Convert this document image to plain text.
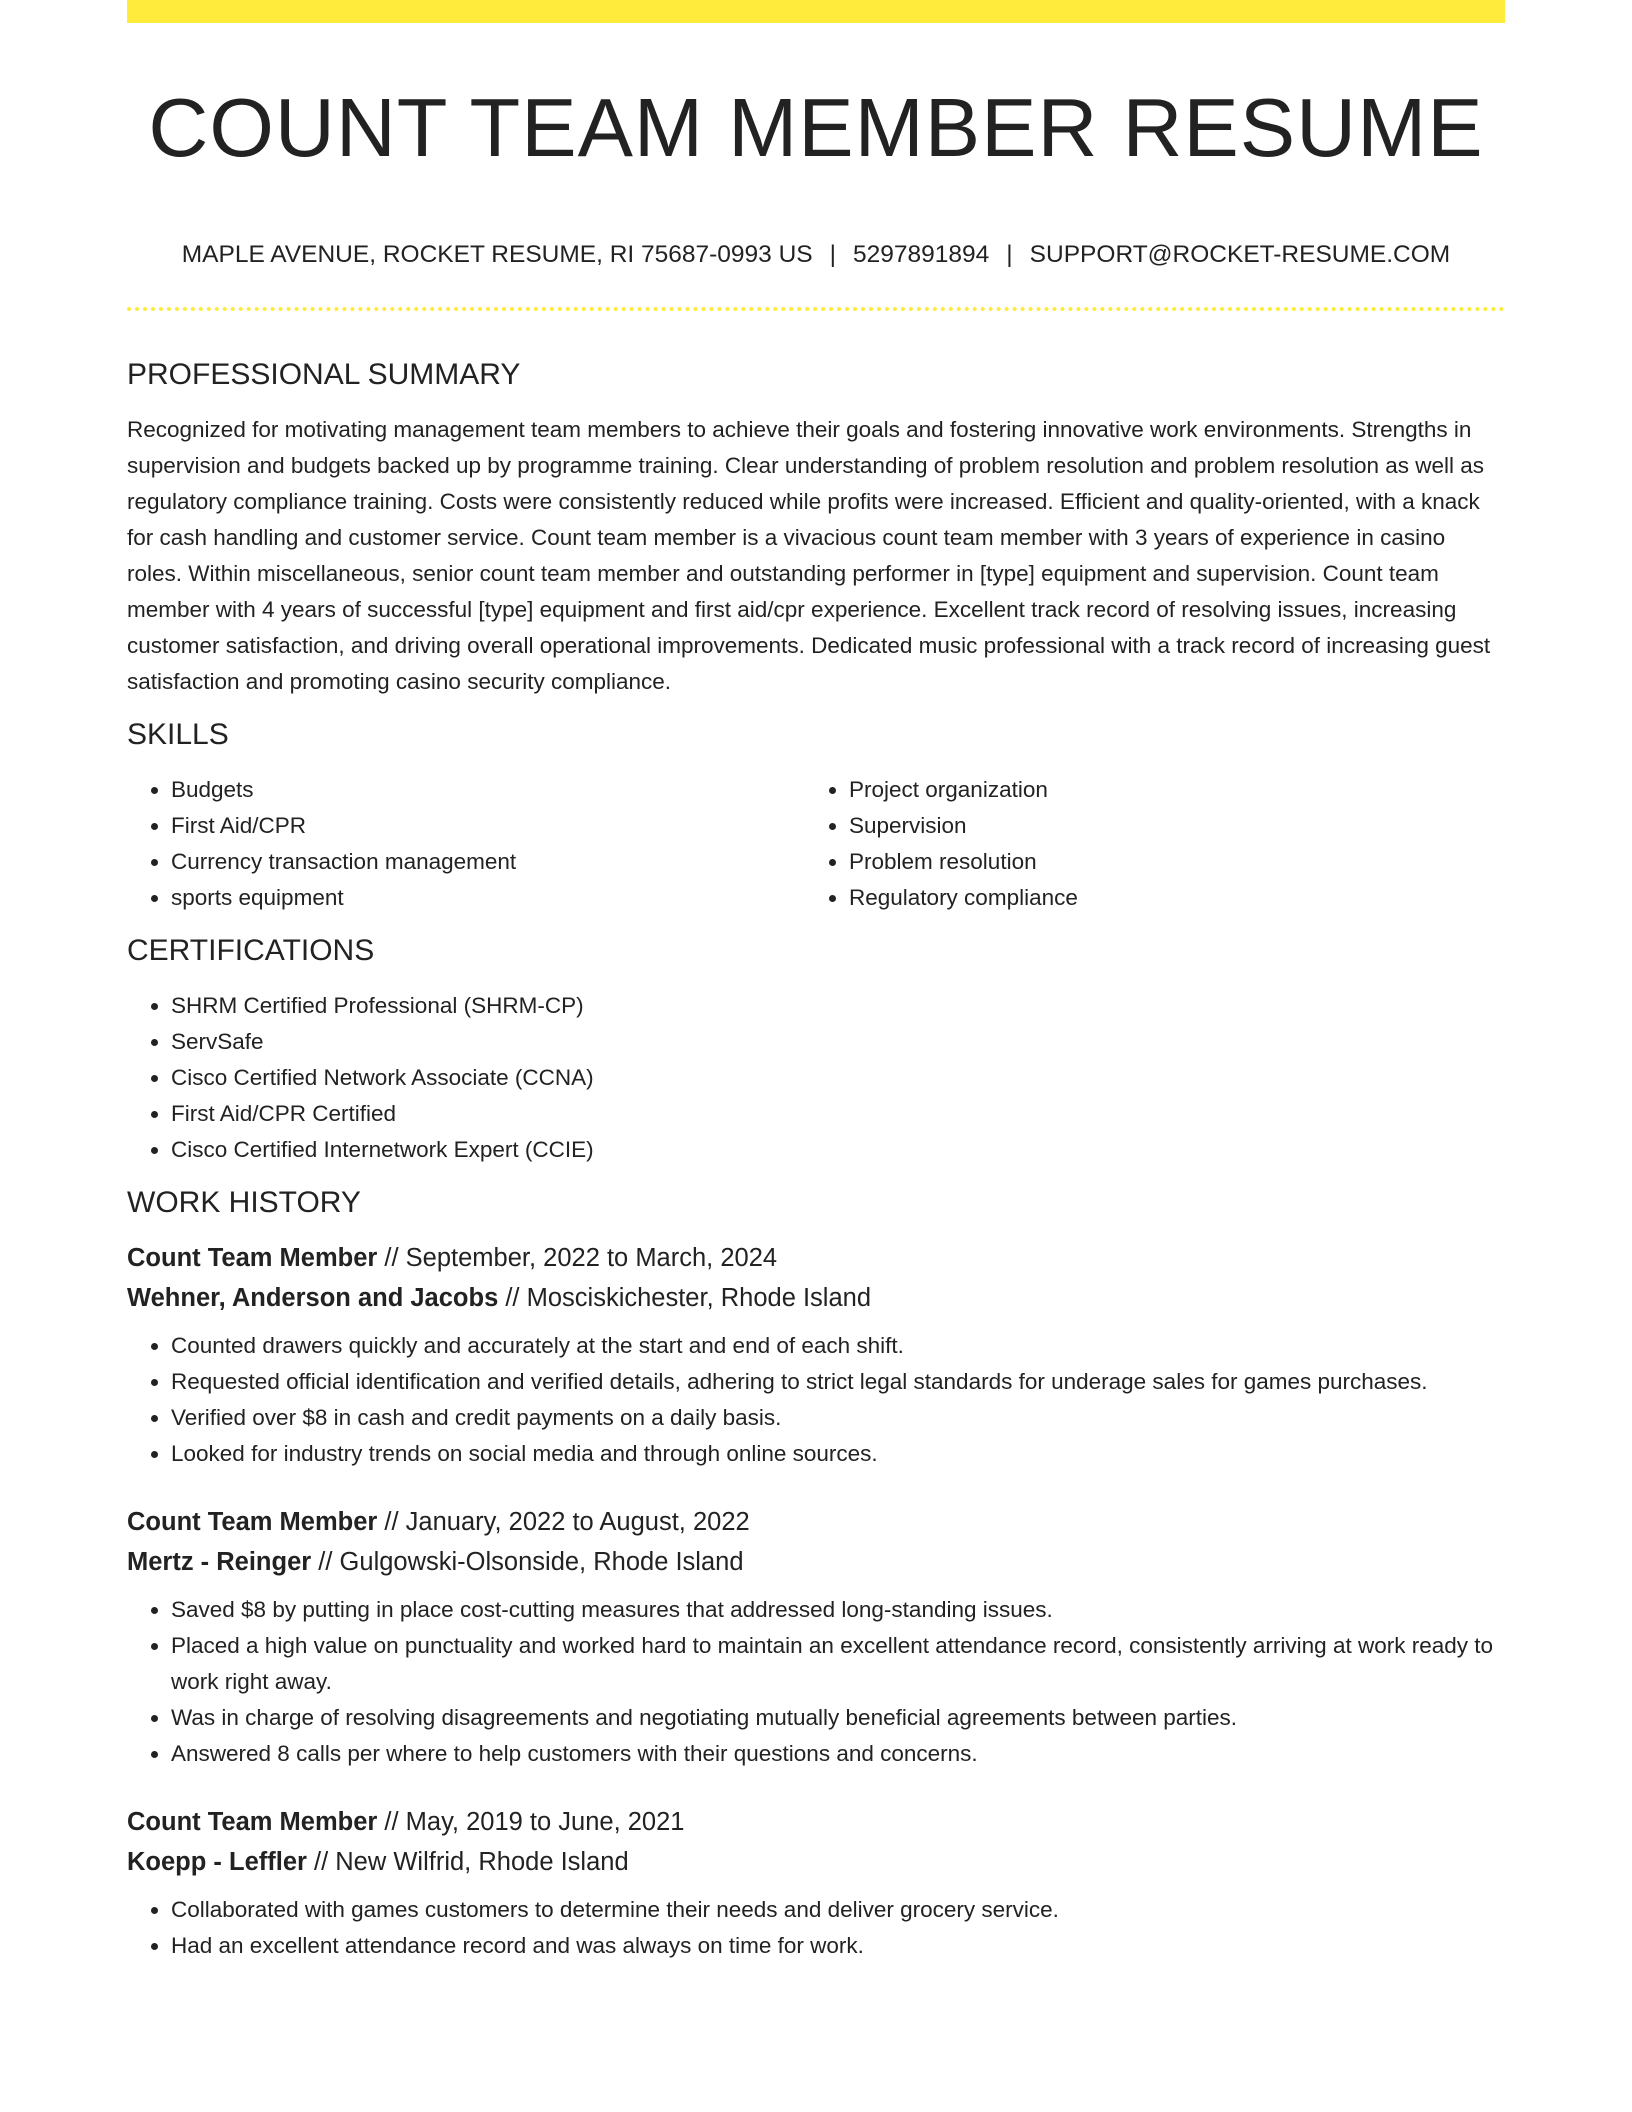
COUNT TEAM MEMBER RESUME
MAPLE AVENUE, ROCKET RESUME, RI 75687-0993 US | 5297891894 | SUPPORT@ROCKET-RESUME.COM
PROFESSIONAL SUMMARY

Recognized for motivating management team members to achieve their goals and fostering innovative work environments. Strengths in supervision and budgets backed up by programme training. Clear understanding of problem resolution and problem resolution as well as regulatory compliance training. Costs were consistently reduced while profits were increased. Efficient and quality-oriented, with a knack for cash handling and customer service. Count team member is a vivacious count team member with 3 years of experience in casino roles. Within miscellaneous, senior count team member and outstanding performer in [type] equipment and supervision. Count team member with 4 years of successful [type] equipment and first aid/cpr experience. Excellent track record of resolving issues, increasing customer satisfaction, and driving overall operational improvements. Dedicated music professional with a track record of increasing guest satisfaction and promoting casino security compliance.

SKILLS
• Budgets
• First Aid/CPR
• Currency transaction management
• sports equipment
• Project organization
• Supervision
• Problem resolution
• Regulatory compliance
CERTIFICATIONS
• SHRM Certified Professional (SHRM-CP)
• ServSafe
• Cisco Certified Network Associate (CCNA)
• First Aid/CPR Certified
• Cisco Certified Internetwork Expert (CCIE)
WORK HISTORY
Count Team Member // September, 2022 to March, 2024
Wehner, Anderson and Jacobs // Mosciskichester, Rhode Island
• Counted drawers quickly and accurately at the start and end of each shift.
• Requested official identification and verified details, adhering to strict legal standards for underage sales for games purchases.
• Verified over $8 in cash and credit payments on a daily basis.
• Looked for industry trends on social media and through online sources.
Count Team Member // January, 2022 to August, 2022
Mertz - Reinger // Gulgowski-Olsonside, Rhode Island
• Saved $8 by putting in place cost-cutting measures that addressed long-standing issues.
• Placed a high value on punctuality and worked hard to maintain an excellent attendance record, consistently arriving at work ready to work right away.
• Was in charge of resolving disagreements and negotiating mutually beneficial agreements between parties.
• Answered 8 calls per where to help customers with their questions and concerns.
Count Team Member // May, 2019 to June, 2021
Koepp - Leffler // New Wilfrid, Rhode Island
• Collaborated with games customers to determine their needs and deliver grocery service.
• Had an excellent attendance record and was always on time for work.
